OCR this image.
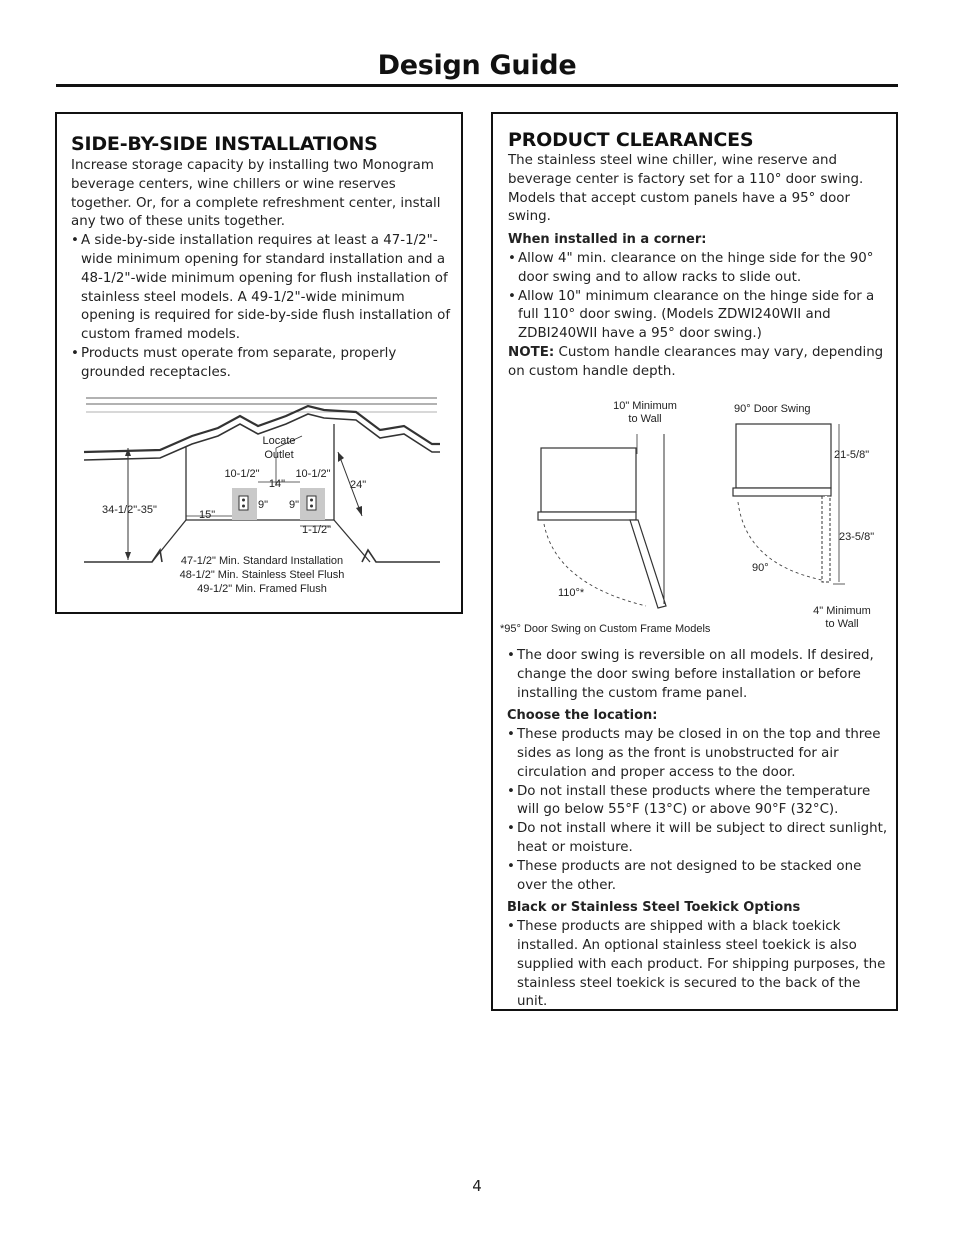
Design Guide
SIDE-BY-SIDE INSTALLATIONS

Increase storage capacity by installing two Monogram beverage centers, wine chillers or wine reserves together. Or, for a complete refreshment center, install any two of these units together.

• A side-by-side installation requires at least a 47-1/2"-wide minimum opening for standard installation and a 48-1/2"-wide minimum opening for flush installation of stainless steel models. A 49-1/2"-wide minimum opening is required for side-by-side flush installation of custom framed models.
• Products must operate from separate, properly grounded receptacles.
Locate
Outlet
10-1/2"	10-1/2"
14"	24"
34-1/2"-35"	15"
9" 9"
1-1/2"
47-1/2" Min. Standard Installation
48-1/2" Min. Stainless Steel Flush
49-1/2" Min. Framed Flush
PRODUCT CLEARANCES

The stainless steel wine chiller, wine reserve and beverage center is factory set for a 110° door swing. Models that accept custom panels have a 95° door swing.

When installed in a corner:

• Allow 4" min. clearance on the hinge side for the 90° door swing and to allow racks to slide out.
• Allow 10" minimum clearance on the hinge side for a full 110° door swing. (Models ZDWI240WII and ZDBI240WII have a 95° door swing.)

NOTE: Custom handle clearances may vary, depending on custom handle depth.

10" Minimum
to Wall
90° Door Swing
21-5/8"
23-5/8"
90°
110°*
4" Minimum
to Wall
*95° Door Swing on Custom Frame Models
• The door swing is reversible on all models. If desired, change the door swing before installation or before installing the custom frame panel.

Choose the location:

• These products may be closed in on the top and three sides as long as the front is unobstructed for air circulation and proper access to the door.
• Do not install these products where the temperature will go below 55°F (13°C) or above 90°F (32°C).
• Do not install where it will be subject to direct sunlight, heat or moisture.
• These products are not designed to be stacked one over the other.

Black or Stainless Steel Toekick Options

• These products are shipped with a black toekick installed. An optional stainless steel toekick is also supplied with each product. For shipping purposes, the stainless steel toekick is secured to the back of the unit.
4
